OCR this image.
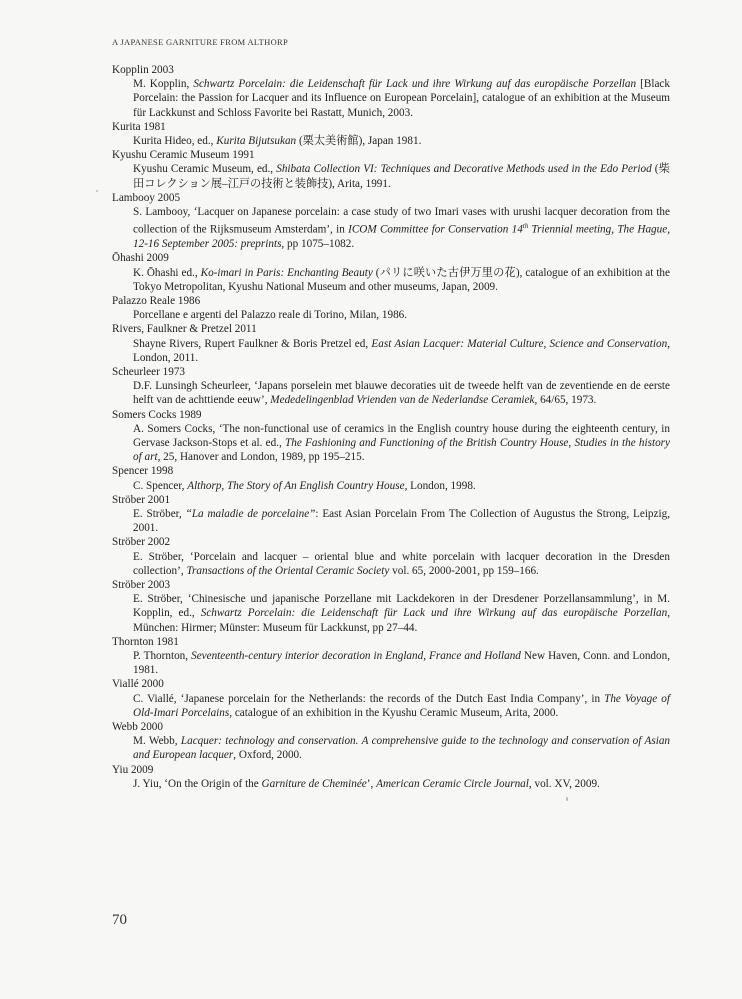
A JAPANESE GARNITURE FROM ALTHORP

Kopplin 2003

M. Kopplin, Schwartz Porcelain: die Leidenschaft für Lack und ihre Wirkung auf das europäische Porzellan [Black Porcelain: the Passion for Lacquer and its Influence on European Porcelain], catalogue of an exhibition at the Museum für Lackkunst and Schloss Favorite bei Rastatt, Munich, 2003.

Kurita 1981

Kurita Hideo, ed., Kurita Bijutsukan (栗太美術館), Japan 1981.

Kyushu Ceramic Museum 1991

Kyushu Ceramic Museum, ed., Shibata Collection VI: Techniques and Decorative Methods used in the Edo Period (柴田コレクション展–江戸の技術と装飾技), Arita, 1991.

Lambooy 2005

S. Lambooy, ‘Lacquer on Japanese porcelain: a case study of two Imari vases with urushi lacquer decoration from the collection of the Rijksmuseum Amsterdam’, in ICOM Committee for Conservation 14th Triennial meeting, The Hague, 12-16 September 2005: preprints, pp 1075–1082.

Ōhashi 2009

K. Ōhashi ed., Ko-imari in Paris: Enchanting Beauty (パリに咲いた古伊万里の花), catalogue of an exhibition at the Tokyo Metropolitan, Kyushu National Museum and other museums, Japan, 2009.

Palazzo Reale 1986

Porcellane e argenti del Palazzo reale di Torino, Milan, 1986.

Rivers, Faulkner & Pretzel 2011

Shayne Rivers, Rupert Faulkner & Boris Pretzel ed, East Asian Lacquer: Material Culture, Science and Conservation, London, 2011.

Scheurleer 1973

D.F. Lunsingh Scheurleer, ‘Japans porselein met blauwe decoraties uit de tweede helft van de zeventiende en de eerste helft van de achttiende eeuw’, Mededelingenblad Vrienden van de Nederlandse Ceramiek, 64/65, 1973.

Somers Cocks 1989

A. Somers Cocks, ‘The non-functional use of ceramics in the English country house during the eighteenth century, in Gervase Jackson-Stops et al. ed., The Fashioning and Functioning of the British Country House, Studies in the history of art, 25, Hanover and London, 1989, pp 195–215.

Spencer 1998

C. Spencer, Althorp, The Story of An English Country House, London, 1998.

Ströber 2001

E. Ströber, “La maladie de porcelaine”: East Asian Porcelain From The Collection of Augustus the Strong, Leipzig, 2001.

Ströber 2002

E. Ströber, ‘Porcelain and lacquer – oriental blue and white porcelain with lacquer decoration in the Dresden collection’, Transactions of the Oriental Ceramic Society vol. 65, 2000-2001, pp 159–166.

Ströber 2003

E. Ströber, ‘Chinesische und japanische Porzellane mit Lackdekoren in der Dresdener Porzellansammlung’, in M. Kopplin, ed., Schwartz Porcelain: die Leidenschaft für Lack und ihre Wirkung auf das europäische Porzellan, München: Hirmer; Münster: Museum für Lackkunst, pp 27–44.

Thornton 1981

P. Thornton, Seventeenth-century interior decoration in England, France and Holland New Haven, Conn. and London, 1981.

Viallé 2000

C. Viallé, ‘Japanese porcelain for the Netherlands: the records of the Dutch East India Company’, in The Voyage of Old-Imari Porcelains, catalogue of an exhibition in the Kyushu Ceramic Museum, Arita, 2000.

Webb 2000

M. Webb, Lacquer: technology and conservation. A comprehensive guide to the technology and conservation of Asian and European lacquer, Oxford, 2000.

Yiu 2009

J. Yiu, ‘On the Origin of the Garniture de Cheminée’, American Ceramic Circle Journal, vol. XV, 2009.

70
